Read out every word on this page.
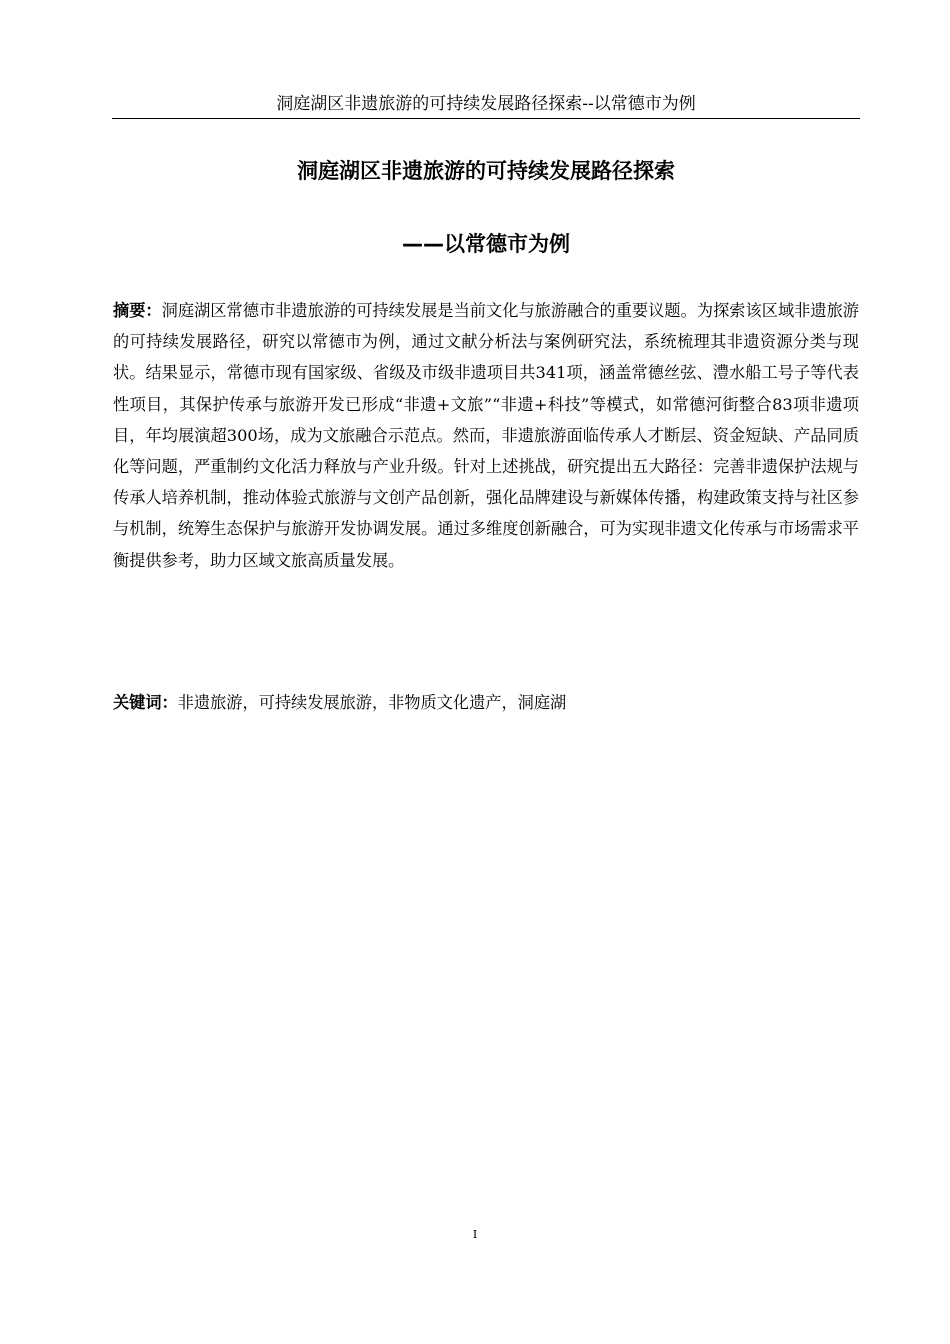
洞庭湖区非遗旅游的可持续发展路径探索--以常德市为例
洞庭湖区非遗旅游的可持续发展路径探索
——以常德市为例

摘要：洞庭湖区常德市非遗旅游的可持续发展是当前文化与旅游融合的重要议题。为探索该区域非遗旅游的可持续发展路径，研究以常德市为例，通过文献分析法与案例研究法，系统梳理其非遗资源分类与现状。结果显示，常德市现有国家级、省级及市级非遗项目共341项，涵盖常德丝弦、澧水船工号子等代表性项目，其保护传承与旅游开发已形成“非遗+文旅”“非遗+科技”等模式，如常德河街整合83项非遗项目，年均展演超300场，成为文旅融合示范点。然而，非遗旅游面临传承人才断层、资金短缺、产品同质化等问题，严重制约文化活力释放与产业升级。针对上述挑战，研究提出五大路径：完善非遗保护法规与传承人培养机制，推动体验式旅游与文创产品创新，强化品牌建设与新媒体传播，构建政策支持与社区参与机制，统筹生态保护与旅游开发协调发展。通过多维度创新融合，可为实现非遗文化传承与市场需求平衡提供参考，助力区域文旅高质量发展。

关键词：非遗旅游，可持续发展旅游，非物质文化遗产，洞庭湖

I
